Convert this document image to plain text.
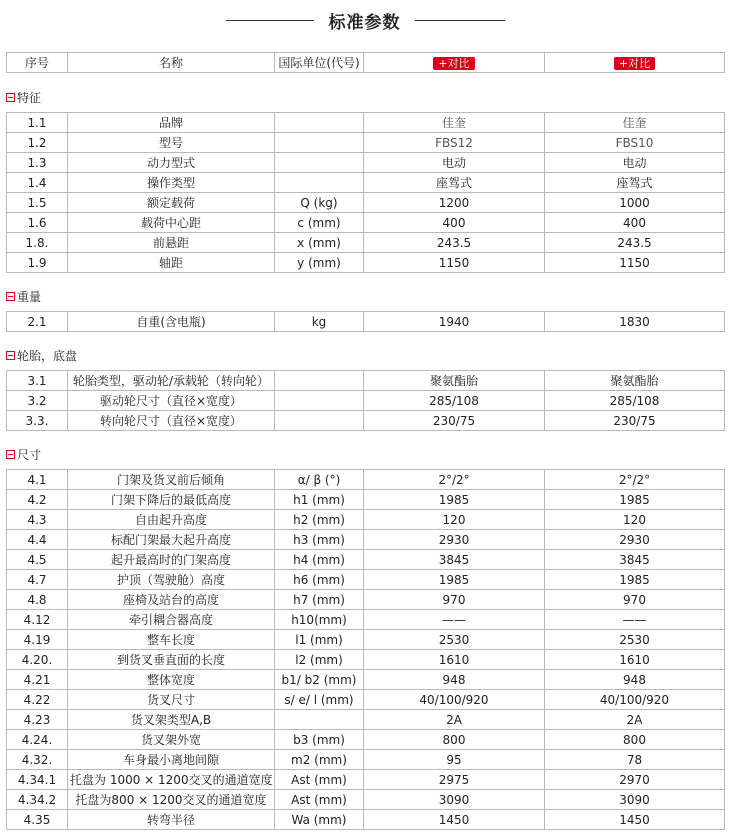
标准参数
序号	名称	国际单位(代号)	+对比	+对比
特征
1.1	品牌		佳奎	佳奎
1.2	型号		FBS12	FBS10
1.3	动力型式		电动	电动
1.4	操作类型		座驾式	座驾式
1.5	额定载荷	Q (kg)	1200	1000
1.6	载荷中心距	c (mm)	400	400
1.8.	前悬距	x (mm)	243.5	243.5
1.9	轴距	y (mm)	1150	1150
重量
2.1	自重(含电瓶)	kg	1940	1830
轮胎，底盘
3.1	轮胎类型，驱动轮/承载轮（转向轮）		聚氨酯胎	聚氨酯胎
3.2	驱动轮尺寸（直径×宽度）		285/108	285/108
3.3.	转向轮尺寸（直径×宽度）		230/75	230/75
尺寸
4.1	门架及货叉前后倾角	α/ β (°)	2°/2°	2°/2°
4.2	门架下降后的最低高度	h1 (mm)	1985	1985
4.3	自由起升高度	h2 (mm)	120	120
4.4	标配门架最大起升高度	h3 (mm)	2930	2930
4.5	起升最高时的门架高度	h4 (mm)	3845	3845
4.7	护顶（驾驶舱）高度	h6 (mm)	1985	1985
4.8	座椅及站台的高度	h7 (mm)	970	970
4.12	牵引耦合器高度	h10(mm)	——	——
4.19	整车长度	l1 (mm)	2530	2530
4.20.	到货叉垂直面的长度	l2 (mm)	1610	1610
4.21	整体宽度	b1/ b2 (mm)	948	948
4.22	货叉尺寸	s/ e/ l (mm)	40/100/920	40/100/920
4.23	货叉架类型A,B		2A	2A
4.24.	货叉架外宽	b3 (mm)	800	800
4.32.	车身最小离地间隙	m2 (mm)	95	78
4.34.1	托盘为 1000 × 1200交叉的通道宽度	Ast (mm)	2975	2970
4.34.2	托盘为800 × 1200交叉的通道宽度	Ast (mm)	3090	3090
4.35	转弯半径	Wa (mm)	1450	1450
